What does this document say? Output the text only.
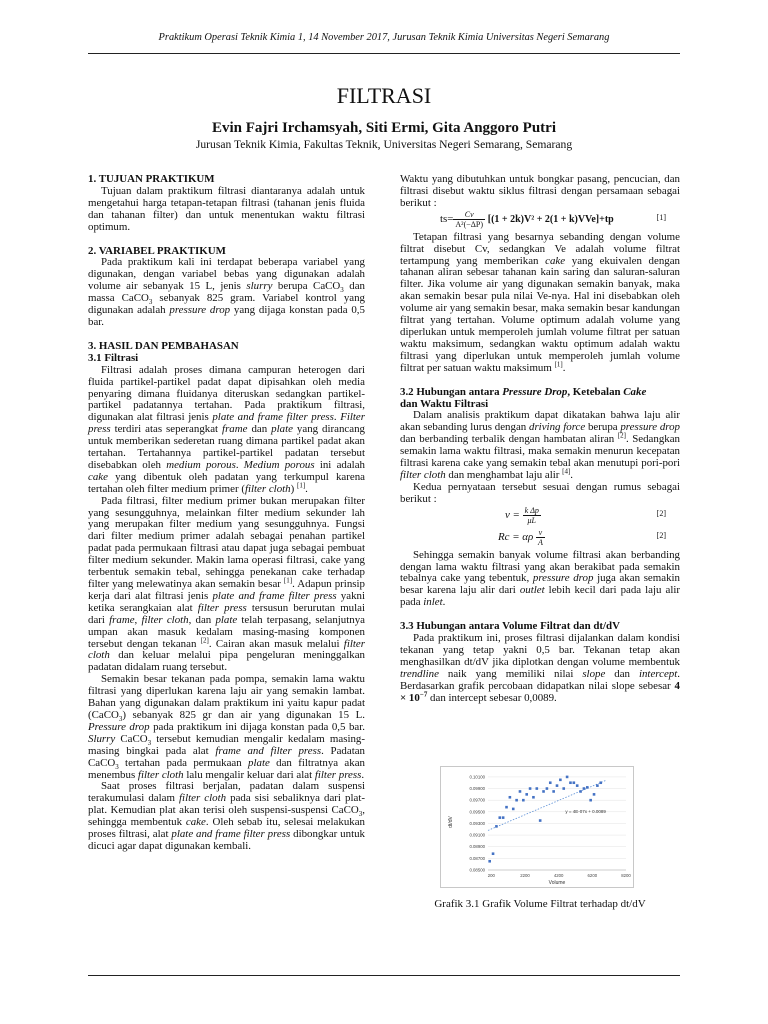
Praktikum Operasi Teknik Kimia 1, 14 November 2017, Jurusan Teknik Kimia Universitas Negeri Semarang
FILTRASI
Evin Fajri Irchamsyah, Siti Ermi, Gita Anggoro Putri
Jurusan Teknik Kimia, Fakultas Teknik, Universitas Negeri Semarang, Semarang
1. TUJUAN PRAKTIKUM

Tujuan dalam praktikum filtrasi diantaranya adalah untuk mengetahui harga tetapan-tetapan filtrasi (tahanan jenis fluida dan tahanan filter) dan untuk menentukan waktu filtrasi optimum.

2. VARIABEL PRAKTIKUM

Pada praktikum kali ini terdapat beberapa variabel yang digunakan, dengan variabel bebas yang digunakan adalah volume air sebanyak 15 L, jenis slurry berupa CaCO$_3$ dan massa CaCO$_3$ sebanyak 825 gram. Variabel kontrol yang digunakan adalah pressure drop yang dijaga konstan pada 0,5 bar.

3. HASIL DAN PEMBAHASAN
3.1 Filtrasi

Filtrasi adalah proses dimana campuran heterogen dari fluida partikel-partikel padat dapat dipisahkan oleh media penyaring dimana fluidanya diteruskan sedangkan partikel-partikel padatannya tertahan. Pada praktikum filtrasi, digunakan alat filtrasi jenis plate and frame filter press. Filter press terdiri atas seperangkat frame dan plate yang dirancang untuk memberikan sederetan ruang dimana partikel padat akan tertahan. Tertahannya partikel-partikel padatan tersebut disebabkan oleh medium porous. Medium porous ini adalah cake yang dibentuk oleh padatan yang terkumpul karena tertahan oleh filter medium primer (filter cloth) [1].

Pada filtrasi, filter medium primer bukan merupakan filter yang sesungguhnya, melainkan filter medium sekunder lah yang merupakan filter medium yang sesungguhnya. Fungsi dari filter medium primer adalah sebagai penahan partikel padat pada permukaan filtrasi atau dapat juga sebagai pembuat filter medium sekunder. Makin lama operasi filtrasi, cake yang terbentuk semakin tebal, sehingga penekanan cake terhadap filter yang melewatinya akan semakin besar [1]. Adapun prinsip kerja dari alat filtrasi jenis plate and frame filter press yakni ketika serangkaian alat filter press tersusun berurutan mulai dari frame, filter cloth, dan plate telah terpasang, selanjutnya umpan akan masuk kedalam masing-masing komponen tersebut dengan tekanan [2]. Cairan akan masuk melalui filter cloth dan keluar melalui pipa pengeluran meninggalkan padatan didalam ruang tersebut.

Semakin besar tekanan pada pompa, semakin lama waktu filtrasi yang diperlukan karena laju air yang semakin lambat. Bahan yang digunakan dalam praktikum ini yaitu kapur padat (CaCO$_3$) sebanyak 825 gr dan air yang digunakan 15 L. Pressure drop pada praktikum ini dijaga konstan pada 0,5 bar. Slurry CaCO$_3$ tersebut kemudian mengalir kedalam masing-masing bingkai pada alat frame and filter press. Padatan CaCO$_3$ tertahan pada permukaan plate dan filtratnya akan menembus filter cloth lalu mengalir keluar dari alat filter press.

Saat proses filtrasi berjalan, padatan dalam suspensi terakumulasi dalam filter cloth pada sisi sebaliknya dari plat-plat. Kemudian plat akan terisi oleh suspensi-suspensi CaCO$_3$, sehingga membentuk cake. Oleh sebab itu, selesai melakukan proses filtrasi, alat plate and frame filter press dibongkar untuk dicuci agar dapat digunakan kembali.

Waktu yang dibutuhkan untuk bongkar pasang, pencucian, dan filtrasi disebut waktu siklus filtrasi dengan persamaan sebagai berikut :

$ts= \frac{Cv}{\text{A²(−ΔP)}} [(1 + 2k)V^2 + 2(1 + k)VVe]+tp$	[1]

Tetapan filtrasi yang besarnya sebanding dengan volume filtrat disebut Cv, sedangkan Ve adalah volume filtrat tertampung yang memberikan cake yang ekuivalen dengan tahanan aliran sebesar tahanan kain saring dan saluran-saluran filter. Jika volume air yang digunakan semakin banyak, maka akan semakin besar pula nilai Ve-nya. Hal ini disebabkan oleh volume air yang semakin besar, maka semakin besar kandungan filtrat yang tertahan. Volume optimum adalah volume yang diperlukan untuk memperoleh jumlah volume filtrat per satuan waktu maksimum, sedangkan waktu optimum adalah waktu filtrasi yang diperlukan untuk memperoleh jumlah volume filtrat per satuan waktu maksimum [1].

3.2 Hubungan antara Pressure Drop, Ketebalan Cake
dan Waktu Filtrasi

Dalam analisis praktikum dapat dikatakan bahwa laju alir akan sebanding lurus dengan driving force berupa pressure drop dan berbanding terbalik dengan hambatan aliran [2]. Sedangkan semakin lama waktu filtrasi, maka semakin menurun kecepatan filtrasi karena cake yang semakin tebal akan menutupi pori-pori filter cloth dan menghambat laju alir [4].

Kedua pernyataan tersebut sesuai dengan rumus sebagai berikut :

$v = \frac{\text{k Δp}}{\mu L}$	[2]
Rc = αρ $\frac{v}{A}$	[2]

Sehingga semakin banyak volume filtrasi akan berbanding dengan lama waktu filtrasi yang akan berakibat pada semakin tebalnya cake yang tebentuk, pressure drop juga akan semakin besar karena laju alir dari outlet lebih kecil dari pada laju alir pada inlet.

3.3 Hubungan antara Volume Filtrat dan dt/dV

Pada praktikum ini, proses filtrasi dijalankan dalam kondisi tekanan yang tetap yakni 0,5 bar. Tekanan tetap akan menghasilkan dt/dV jika diplotkan dengan volume membentuk trendline naik yang memiliki nilai slope dan intercept. Berdasarkan grafik percobaan didapatkan nilai slope sebesar $4 \times 10^{-7}$ dan intercept sebesar 0,0089.

0.08500
0.08700
0.08900
0.09100
0.09300
0.09500
0.09700
0.09900
0.10100
200	2200	4200	6200	8200
y = 4E-07x + 0.0089
Volume
dt/dV
Grafik 3.1 Grafik Volume Filtrat terhadap dt/dV
